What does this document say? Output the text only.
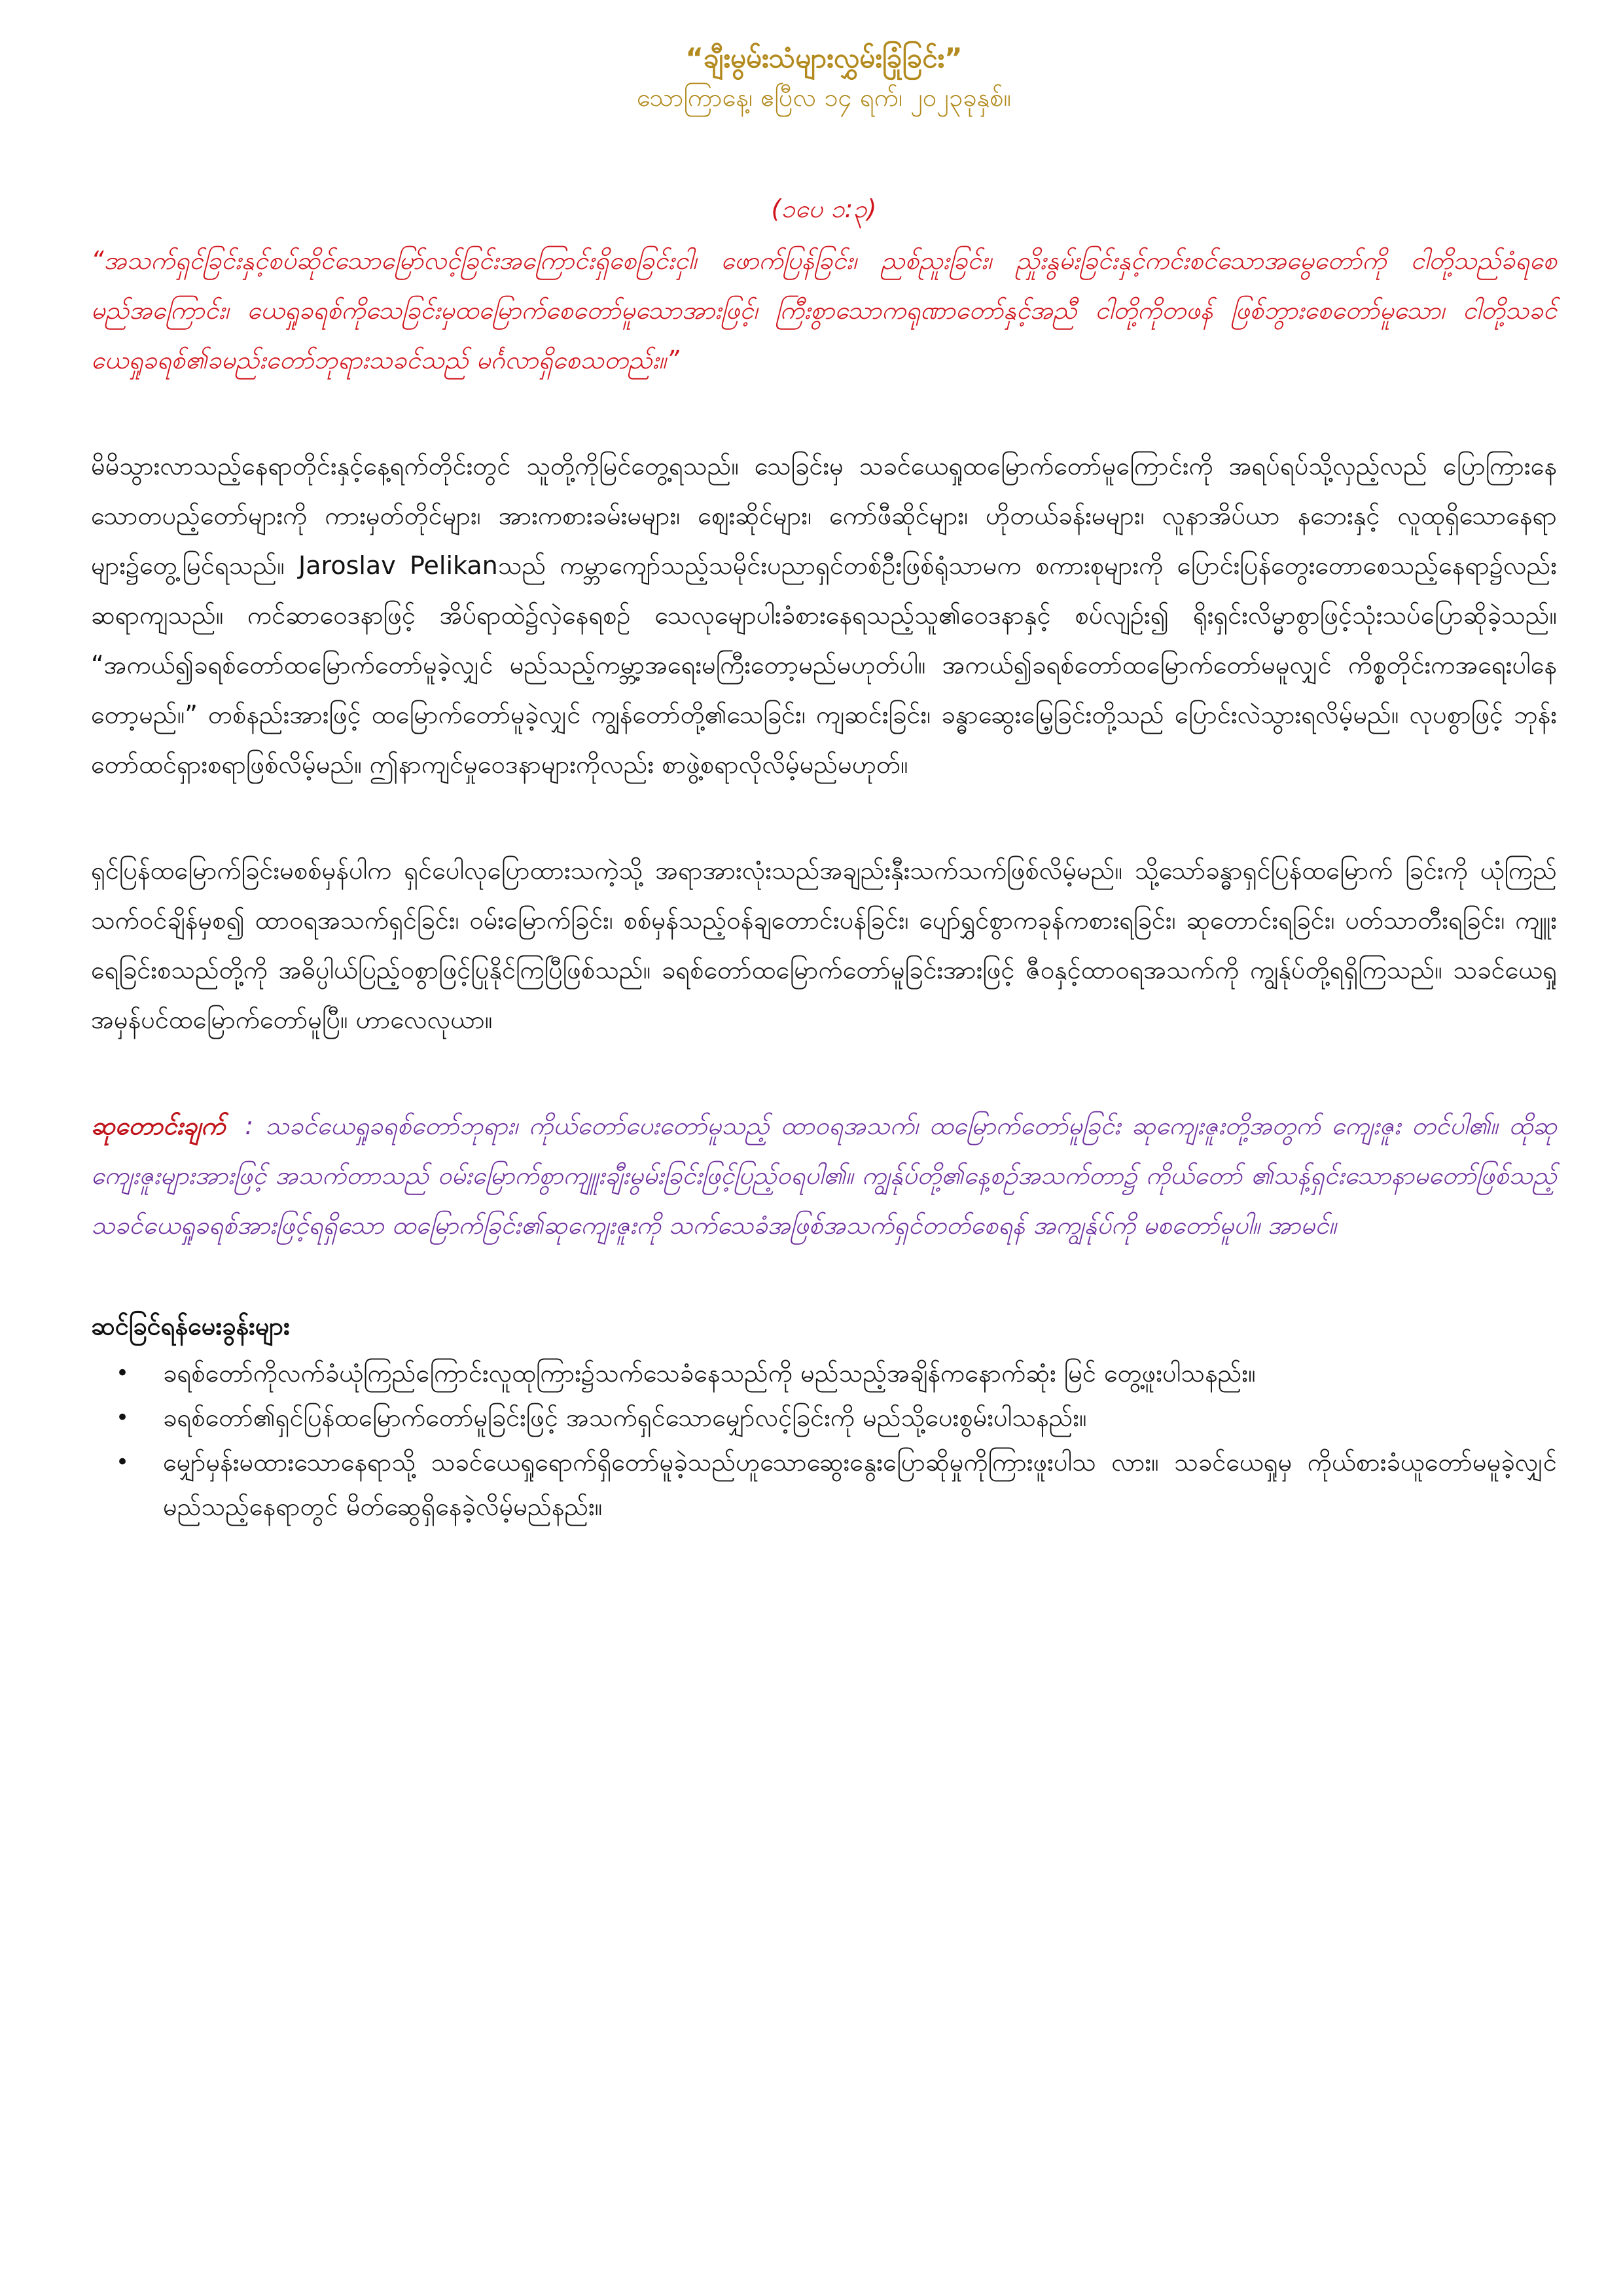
“ချီးမွမ်းသံများလွှမ်းခြုံခြင်း”

သောကြာနေ့၊ ဧပြီလ ၁၄ ရက်၊ ၂၀၂၃ခုနှစ်။

(၁ပေ ၁:၃)

“အသက်ရှင်ခြင်းနှင့်စပ်ဆိုင်သောမြော်လင့်ခြင်းအကြောင်းရှိစေခြင်းငှါ၊ ဖောက်ပြန်ခြင်း၊ ညစ်ညူးခြင်း၊ ညှိုးနွမ်းခြင်းနှင့်ကင်းစင်သောအမွေတော်ကို ငါတို့သည်ခံရစေမည်အကြောင်း၊ ယေရှုခရစ်ကိုသေခြင်းမှထမြောက်စေတော်မူသောအားဖြင့်၊ ကြီးစွာသောကရုဏာတော်နှင့်အညီ ငါတို့ကိုတဖန် ဖြစ်ဘွားစေတော်မူသော၊ ငါတို့သခင်ယေရှုခရစ်၏ခမည်းတော်ဘုရားသခင်သည် မင်္ဂလာရှိစေသတည်း။”

မိမိသွားလာသည့်နေရာတိုင်းနှင့်နေ့ရက်တိုင်းတွင် သူတို့ကိုမြင်တွေ့ရသည်။ သေခြင်းမှ သခင်ယေရှုထမြောက်တော်မူကြောင်းကို အရပ်ရပ်သို့လှည့်လည် ပြောကြားနေသောတပည့်တော်များကို ကားမှတ်တိုင်များ၊ အားကစားခမ်းမများ၊ ဈေးဆိုင်များ၊ ကော်ဖီဆိုင်များ၊ ဟိုတယ်ခန်းမများ၊ လူနာအိပ်ယာ နဘေးနှင့် လူထုရှိသောနေရာများ၌တွေ့မြင်ရသည်။ Jaroslav Pelikanသည် ကမ္ဘာကျော်သည့်သမိုင်းပညာရှင်တစ်ဦးဖြစ်ရုံသာမက စကားစုများကို ပြောင်းပြန်တွေးတောစေသည့်နေရာ၌လည်း ဆရာကျသည်။ ကင်ဆာဝေဒနာဖြင့် အိပ်ရာထဲ၌လှဲနေရစဉ် သေလုမျောပါးခံစားနေရသည့်သူ၏ဝေဒနာနှင့် စပ်လျဉ်း၍ ရိုးရှင်းလိမ္မာစွာဖြင့်သုံးသပ်ပြောဆိုခဲ့သည်။ “အကယ်၍ခရစ်တော်ထမြောက်တော်မူခဲ့လျှင် မည်သည့်ကမ္ဘာ့အရေးမကြီးတော့မည်မဟုတ်ပါ။ အကယ်၍ခရစ်တော်ထမြောက်တော်မမူလျှင် ကိစ္စတိုင်းကအရေးပါနေတော့မည်။” တစ်နည်းအားဖြင့် ထမြောက်တော်မူခဲ့လျှင် ကျွန်တော်တို့၏သေခြင်း၊ ကျဆင်းခြင်း၊ ခန္ဓာဆွေးမြေ့ခြင်းတို့သည် ပြောင်းလဲသွားရလိမ့်မည်။ လုပစွာဖြင့် ဘုန်းတော်ထင်ရှားစရာဖြစ်လိမ့်မည်။ ဤနာကျင်မှုဝေဒနာများကိုလည်း စာဖွဲ့စရာလိုလိမ့်မည်မဟုတ်။

ရှင်ပြန်ထမြောက်ခြင်းမစစ်မှန်ပါက ရှင်ပေါလုပြောထားသကဲ့သို့ အရာအားလုံးသည်အချည်းနှီးသက်သက်ဖြစ်လိမ့်မည်။ သို့သော်ခန္ဓာရှင်ပြန်ထမြောက် ခြင်းကို ယုံကြည်သက်ဝင်ချိန်မှစ၍ ထာဝရအသက်ရှင်ခြင်း၊ ဝမ်းမြောက်ခြင်း၊ စစ်မှန်သည့်ဝန်ချတောင်းပန်ခြင်း၊ ပျော်ရွှင်စွာကခုန်ကစားရခြင်း၊ ဆုတောင်းရခြင်း၊ ပတ်သာတီးရခြင်း၊ ကျူးရေခြင်းစသည်တို့ကို အဓိပ္ပါယ်ပြည့်ဝစွာဖြင့်ပြုနိုင်ကြပြီဖြစ်သည်။ ခရစ်တော်ထမြောက်တော်မူခြင်းအားဖြင့် ဇီဝနှင့်ထာဝရအသက်ကို ကျွန်ုပ်တို့ရရှိကြသည်။ သခင်ယေရှု အမှန်ပင်ထမြောက်တော်မူပြီ။ ဟာလေလုယာ။

ဆုတောင်းချက် : သခင်ယေရှုခရစ်တော်ဘုရား၊ ကိုယ်တော်ပေးတော်မူသည့် ထာဝရအသက်၊ ထမြောက်တော်မူခြင်း ဆုကျေးဇူးတို့အတွက် ကျေးဇူး တင်ပါ၏။ ထိုဆုကျေးဇူးများအားဖြင့် အသက်တာသည် ဝမ်းမြောက်စွာကျူးချီးမွမ်းခြင်းဖြင့်ပြည့်ဝရပါ၏။ ကျွန်ုပ်တို့၏နေ့စဉ်အသက်တာ၌ ကိုယ်တော် ၏သန့်ရှင်းသောနာမတော်ဖြစ်သည့် သခင်ယေရှုခရစ်အားဖြင့်ရရှိသော ထမြောက်ခြင်း၏ဆုကျေးဇူးကို သက်သေခံအဖြစ်အသက်ရှင်တတ်စေရန် အကျွန်ုပ်ကို မစတော်မူပါ။ အာမင်။

ဆင်ခြင်ရန်မေးခွန်းများ

• ခရစ်တော်ကိုလက်ခံယုံကြည်ကြောင်းလူထုကြား၌သက်သေခံနေသည်ကို မည်သည့်အချိန်ကနောက်ဆုံး မြင် တွေ့ဖူးပါသနည်း။
• ခရစ်တော်၏ရှင်ပြန်ထမြောက်တော်မူခြင်းဖြင့် အသက်ရှင်သောမျှော်လင့်ခြင်းကို မည်သို့ပေးစွမ်းပါသနည်း။
• မျှော်မှန်းမထားသောနေရာသို့ သခင်ယေရှုရောက်ရှိတော်မူခဲ့သည်ဟူသောဆွေးနွေးပြောဆိုမှုကိုကြားဖူးပါသ လား။ သခင်ယေရှုမှ ကိုယ်စားခံယူတော်မမူခဲ့လျှင် မည်သည့်နေရာတွင် မိတ်ဆွေရှိနေခဲ့လိမ့်မည်နည်း။
